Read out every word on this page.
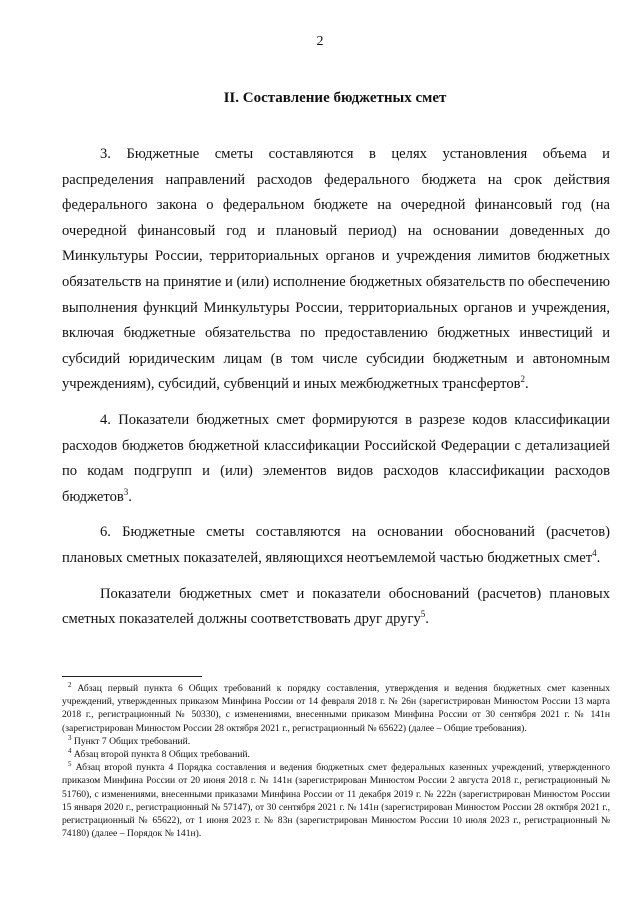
2
II. Составление бюджетных смет

3. Бюджетные сметы составляются в целях установления объема и распределения направлений расходов федерального бюджета на срок действия федерального закона о федеральном бюджете на очередной финансовый год (на очередной финансовый год и плановый период) на основании доведенных до Минкультуры России, территориальных органов и учреждения лимитов бюджетных обязательств на принятие и (или) исполнение бюджетных обязательств по обеспечению выполнения функций Минкультуры России, территориальных органов и учреждения, включая бюджетные обязательства по предоставлению бюджетных инвестиций и субсидий юридическим лицам (в том числе субсидии бюджетным и автономным учреждениям), субсидий, субвенций и иных межбюджетных трансфертов$^2$.

4. Показатели бюджетных смет формируются в разрезе кодов классификации расходов бюджетов бюджетной классификации Российской Федерации с детализацией по кодам подгрупп и (или) элементов видов расходов классификации расходов бюджетов$^3$.

6. Бюджетные сметы составляются на основании обоснований (расчетов) плановых сметных показателей, являющихся неотъемлемой частью бюджетных смет$^4$.

Показатели бюджетных смет и показатели обоснований (расчетов) плановых сметных показателей должны соответствовать друг другу$^5$.

$^2$ Абзац первый пункта 6 Общих требований к порядку составления, утверждения и ведения бюджетных смет казенных учреждений, утвержденных приказом Минфина России от 14 февраля 2018 г. № 26н (зарегистрирован Минюстом России 13 марта 2018 г., регистрационный № 50330), с изменениями, внесенными приказом Минфина России от 30 сентября 2021 г. № 141н (зарегистрирован Минюстом России 28 октября 2021 г., регистрационный № 65622) (далее – Общие требования).

$^3$ Пункт 7 Общих требований.

$^4$ Абзац второй пункта 8 Общих требований.

$^5$ Абзац второй пункта 4 Порядка составления и ведения бюджетных смет федеральных казенных учреждений, утвержденного приказом Минфина России от 20 июня 2018 г. № 141н (зарегистрирован Минюстом России 2 августа 2018 г., регистрационный № 51760), с изменениями, внесенными приказами Минфина России от 11 декабря 2019 г. № 222н (зарегистрирован Минюстом России 15 января 2020 г., регистрационный № 57147), от 30 сентября 2021 г. № 141н (зарегистрирован Минюстом России 28 октября 2021 г., регистрационный № 65622), от 1 июня 2023 г. № 83н (зарегистрирован Минюстом России 10 июля 2023 г., регистрационный № 74180) (далее – Порядок № 141н).
